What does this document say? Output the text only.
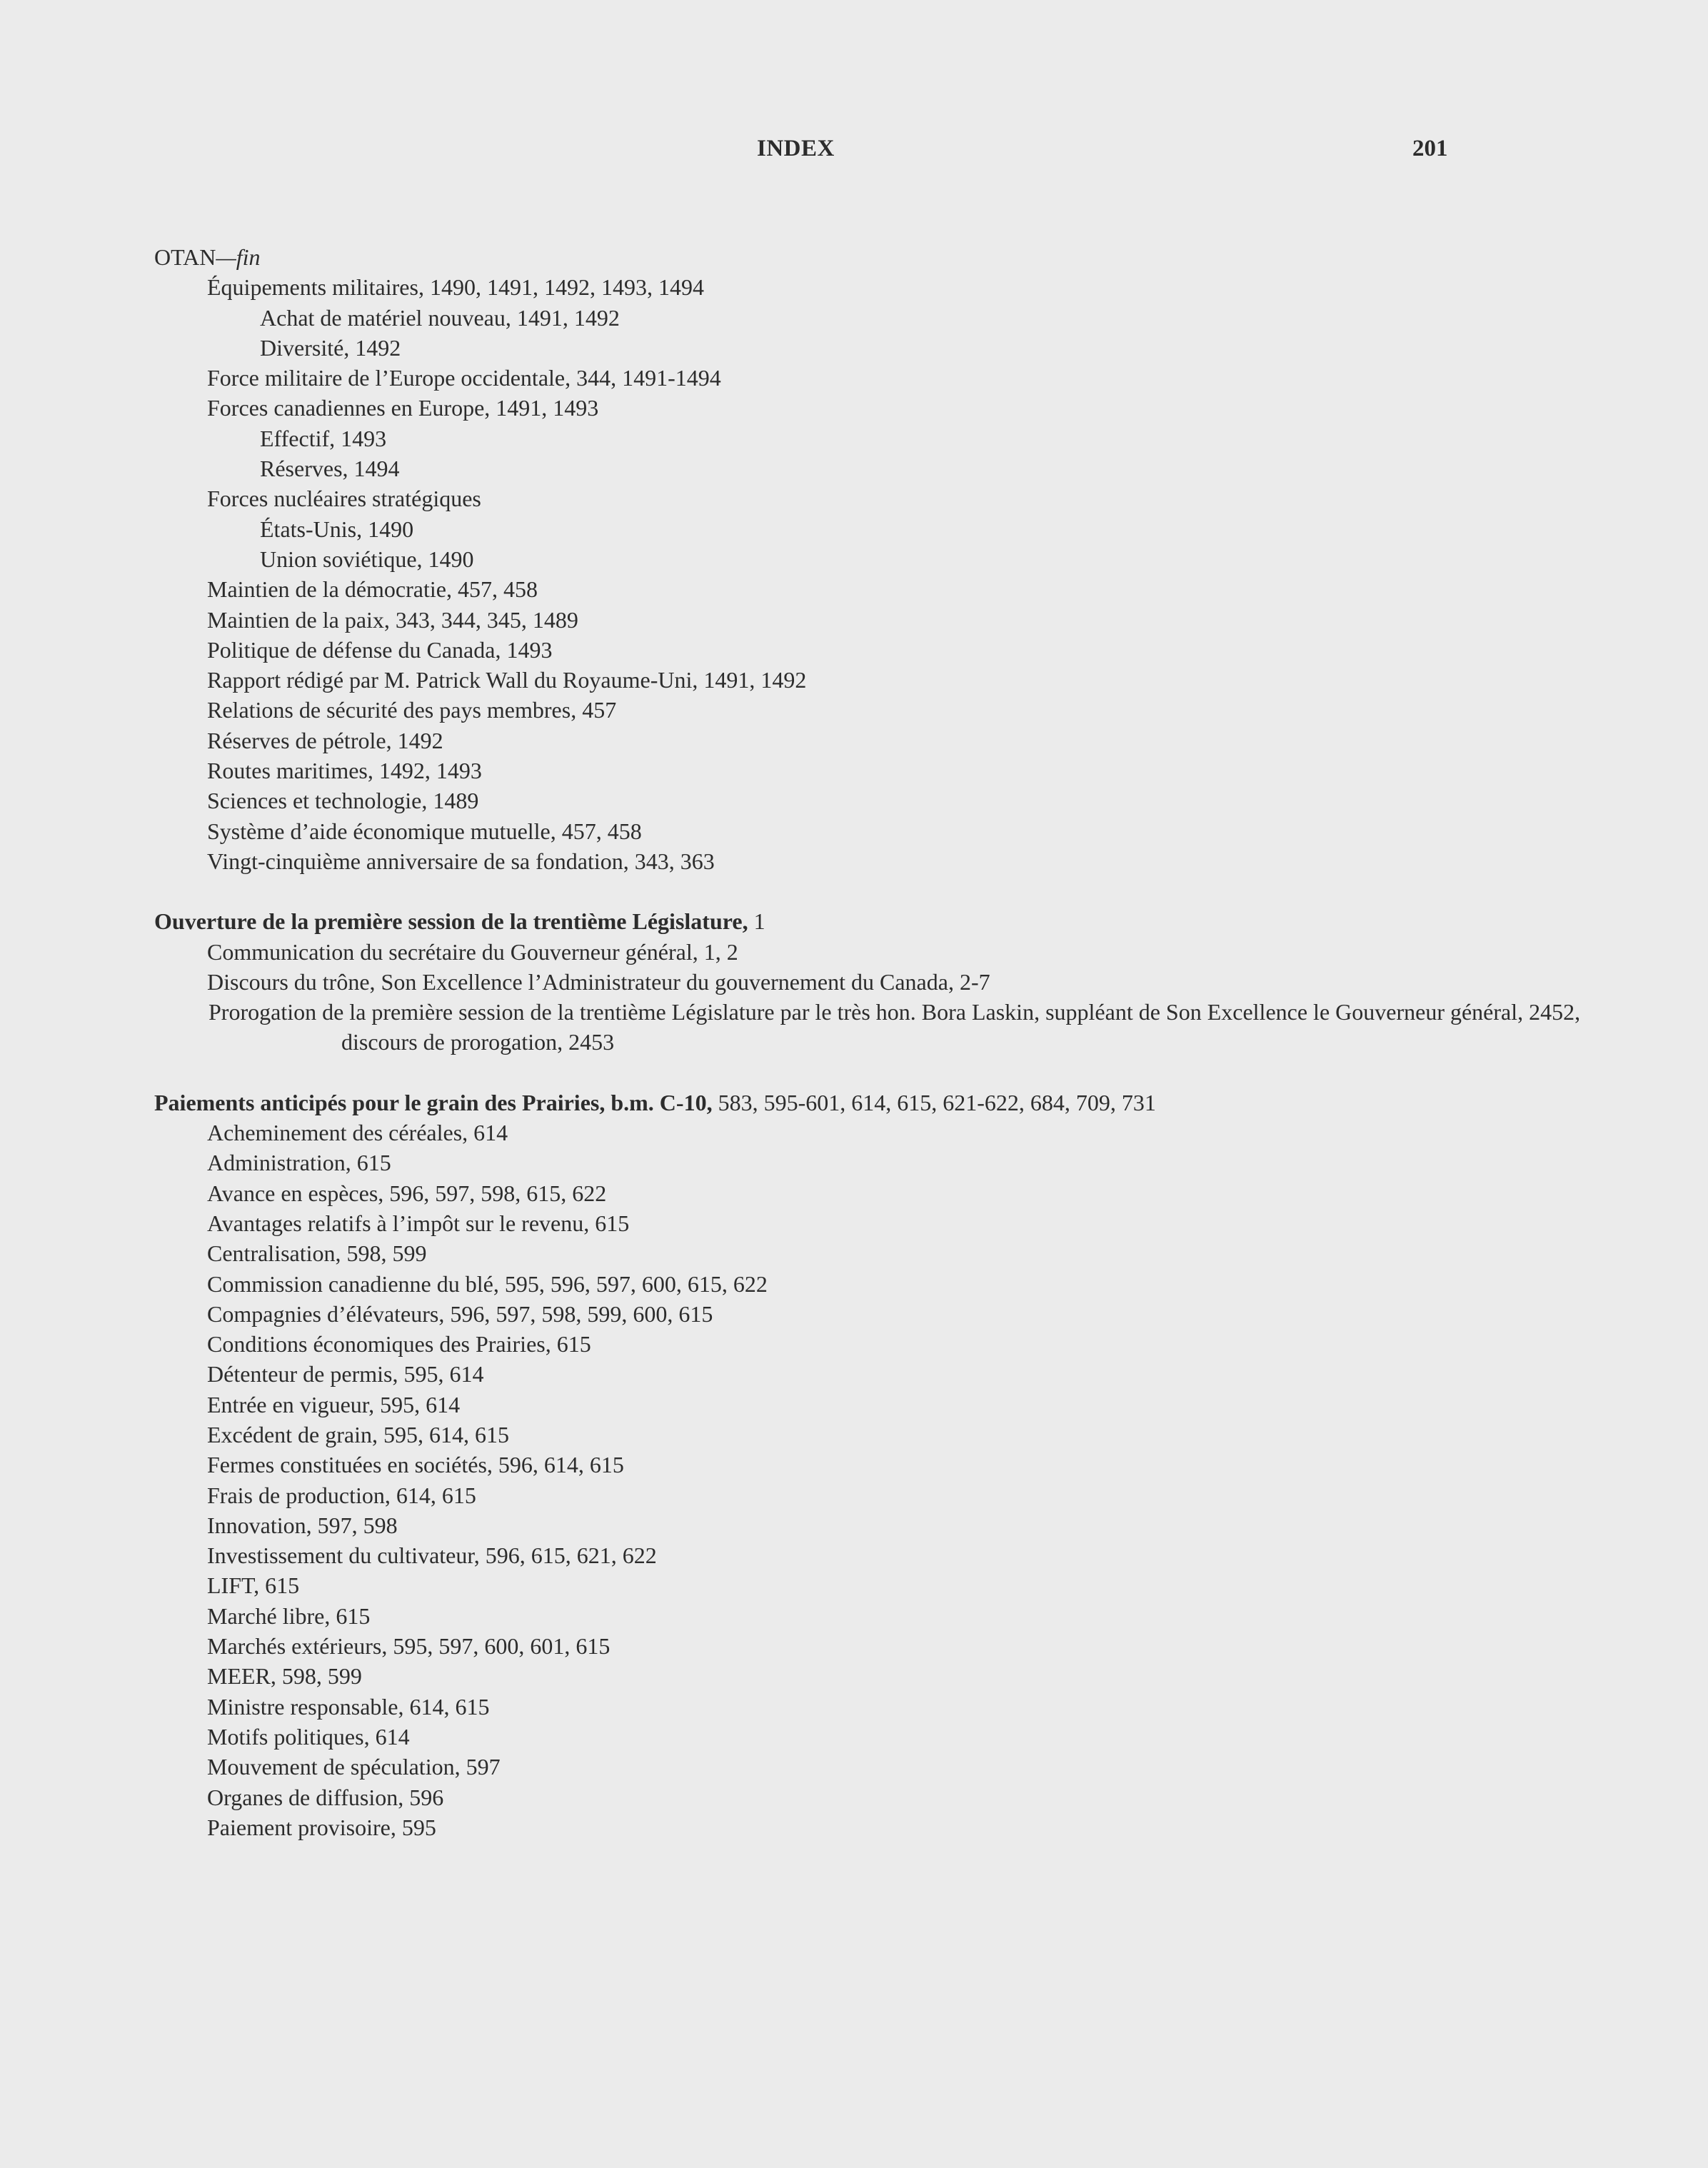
INDEX	201
OTAN—fin
Équipements militaires, 1490, 1491, 1492, 1493, 1494
Achat de matériel nouveau, 1491, 1492
Diversité, 1492
Force militaire de l’Europe occidentale, 344, 1491-1494
Forces canadiennes en Europe, 1491, 1493
Effectif, 1493
Réserves, 1494
Forces nucléaires stratégiques
États-Unis, 1490
Union soviétique, 1490
Maintien de la démocratie, 457, 458
Maintien de la paix, 343, 344, 345, 1489
Politique de défense du Canada, 1493
Rapport rédigé par M. Patrick Wall du Royaume-Uni, 1491, 1492
Relations de sécurité des pays membres, 457
Réserves de pétrole, 1492
Routes maritimes, 1492, 1493
Sciences et technologie, 1489
Système d’aide économique mutuelle, 457, 458
Vingt-cinquième anniversaire de sa fondation, 343, 363
Ouverture de la première session de la trentième Législature, 1
Communication du secrétaire du Gouverneur général, 1, 2
Discours du trône, Son Excellence l’Administrateur du gouvernement du Canada, 2-7
Prorogation de la première session de la trentième Législature par le très hon. Bora Laskin, suppléant de Son Excellence le Gouverneur général, 2452, discours de prorogation, 2453
Paiements anticipés pour le grain des Prairies, b.m. C-10, 583, 595-601, 614, 615, 621-622, 684, 709, 731
Acheminement des céréales, 614
Administration, 615
Avance en espèces, 596, 597, 598, 615, 622
Avantages relatifs à l’impôt sur le revenu, 615
Centralisation, 598, 599
Commission canadienne du blé, 595, 596, 597, 600, 615, 622
Compagnies d’élévateurs, 596, 597, 598, 599, 600, 615
Conditions économiques des Prairies, 615
Détenteur de permis, 595, 614
Entrée en vigueur, 595, 614
Excédent de grain, 595, 614, 615
Fermes constituées en sociétés, 596, 614, 615
Frais de production, 614, 615
Innovation, 597, 598
Investissement du cultivateur, 596, 615, 621, 622
LIFT, 615
Marché libre, 615
Marchés extérieurs, 595, 597, 600, 601, 615
MEER, 598, 599
Ministre responsable, 614, 615
Motifs politiques, 614
Mouvement de spéculation, 597
Organes de diffusion, 596
Paiement provisoire, 595
